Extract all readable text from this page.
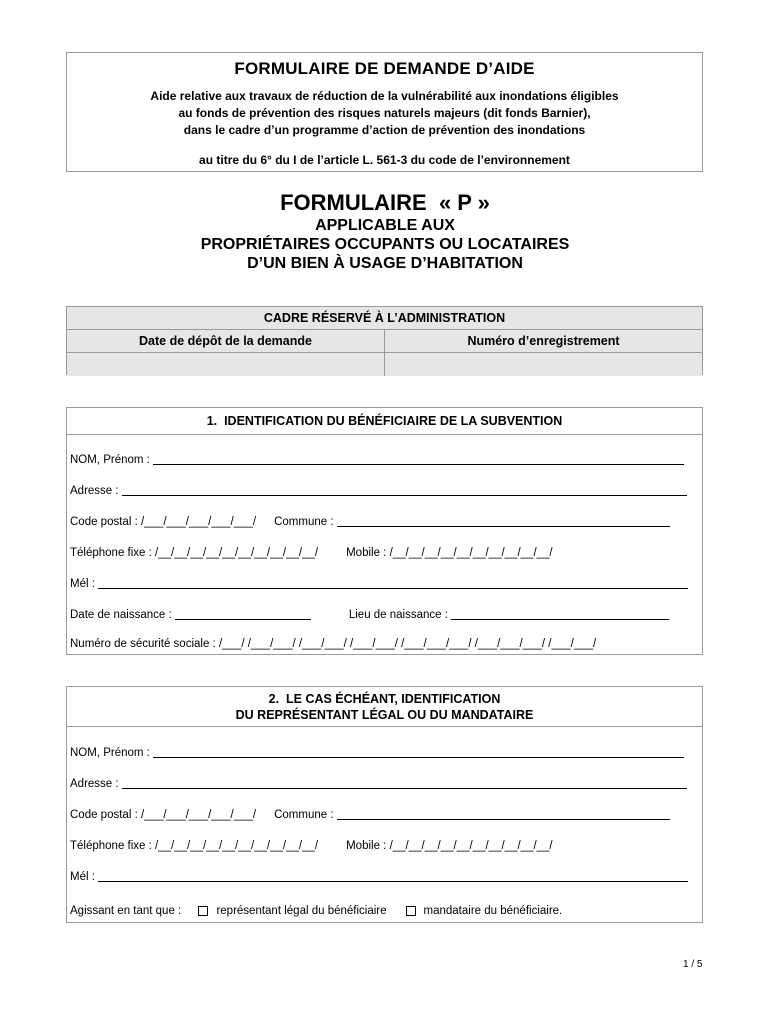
FORMULAIRE DE DEMANDE D’AIDE
Aide relative aux travaux de réduction de la vulnérabilité aux inondations éligibles
au fonds de prévention des risques naturels majeurs (dit fonds Barnier),
dans le cadre d’un programme d’action de prévention des inondations
au titre du 6° du I de l’article L. 561-3 du code de l’environnement
FORMULAIRE  « P »
APPLICABLE AUX
PROPRIÉTAIRES OCCUPANTS OU LOCATAIRES
D’UN BIEN À USAGE D’HABITATION
CADRE RÉSERVÉ À L’ADMINISTRATION
Date de dépôt de la demande	Numéro d’enregistrement
1.  IDENTIFICATION DU BÉNÉFICIAIRE DE LA SUBVENTION
NOM, Prénom :
Adresse :
Code postal : /___/___/___/___/___/ Commune :
Téléphone fixe : /__/__/__/__/__/__/__/__/__/__/ Mobile : /__/__/__/__/__/__/__/__/__/__/
Mél :
Date de naissance :	Lieu de naissance :
Numéro de sécurité sociale : /___/ /___/___/ /___/___/ /___/___/ /___/___/___/ /___/___/___/ /___/___/
2.  LE CAS ÉCHÉANT, IDENTIFICATION
DU REPRÉSENTANT LÉGAL OU DU MANDATAIRE
NOM, Prénom :
Adresse :
Code postal : /___/___/___/___/___/ Commune :
Téléphone fixe : /__/__/__/__/__/__/__/__/__/__/ Mobile : /__/__/__/__/__/__/__/__/__/__/
Mél :
Agissant en tant que :	représentant légal du bénéficiaire	mandataire du bénéficiaire.
1 / 5
